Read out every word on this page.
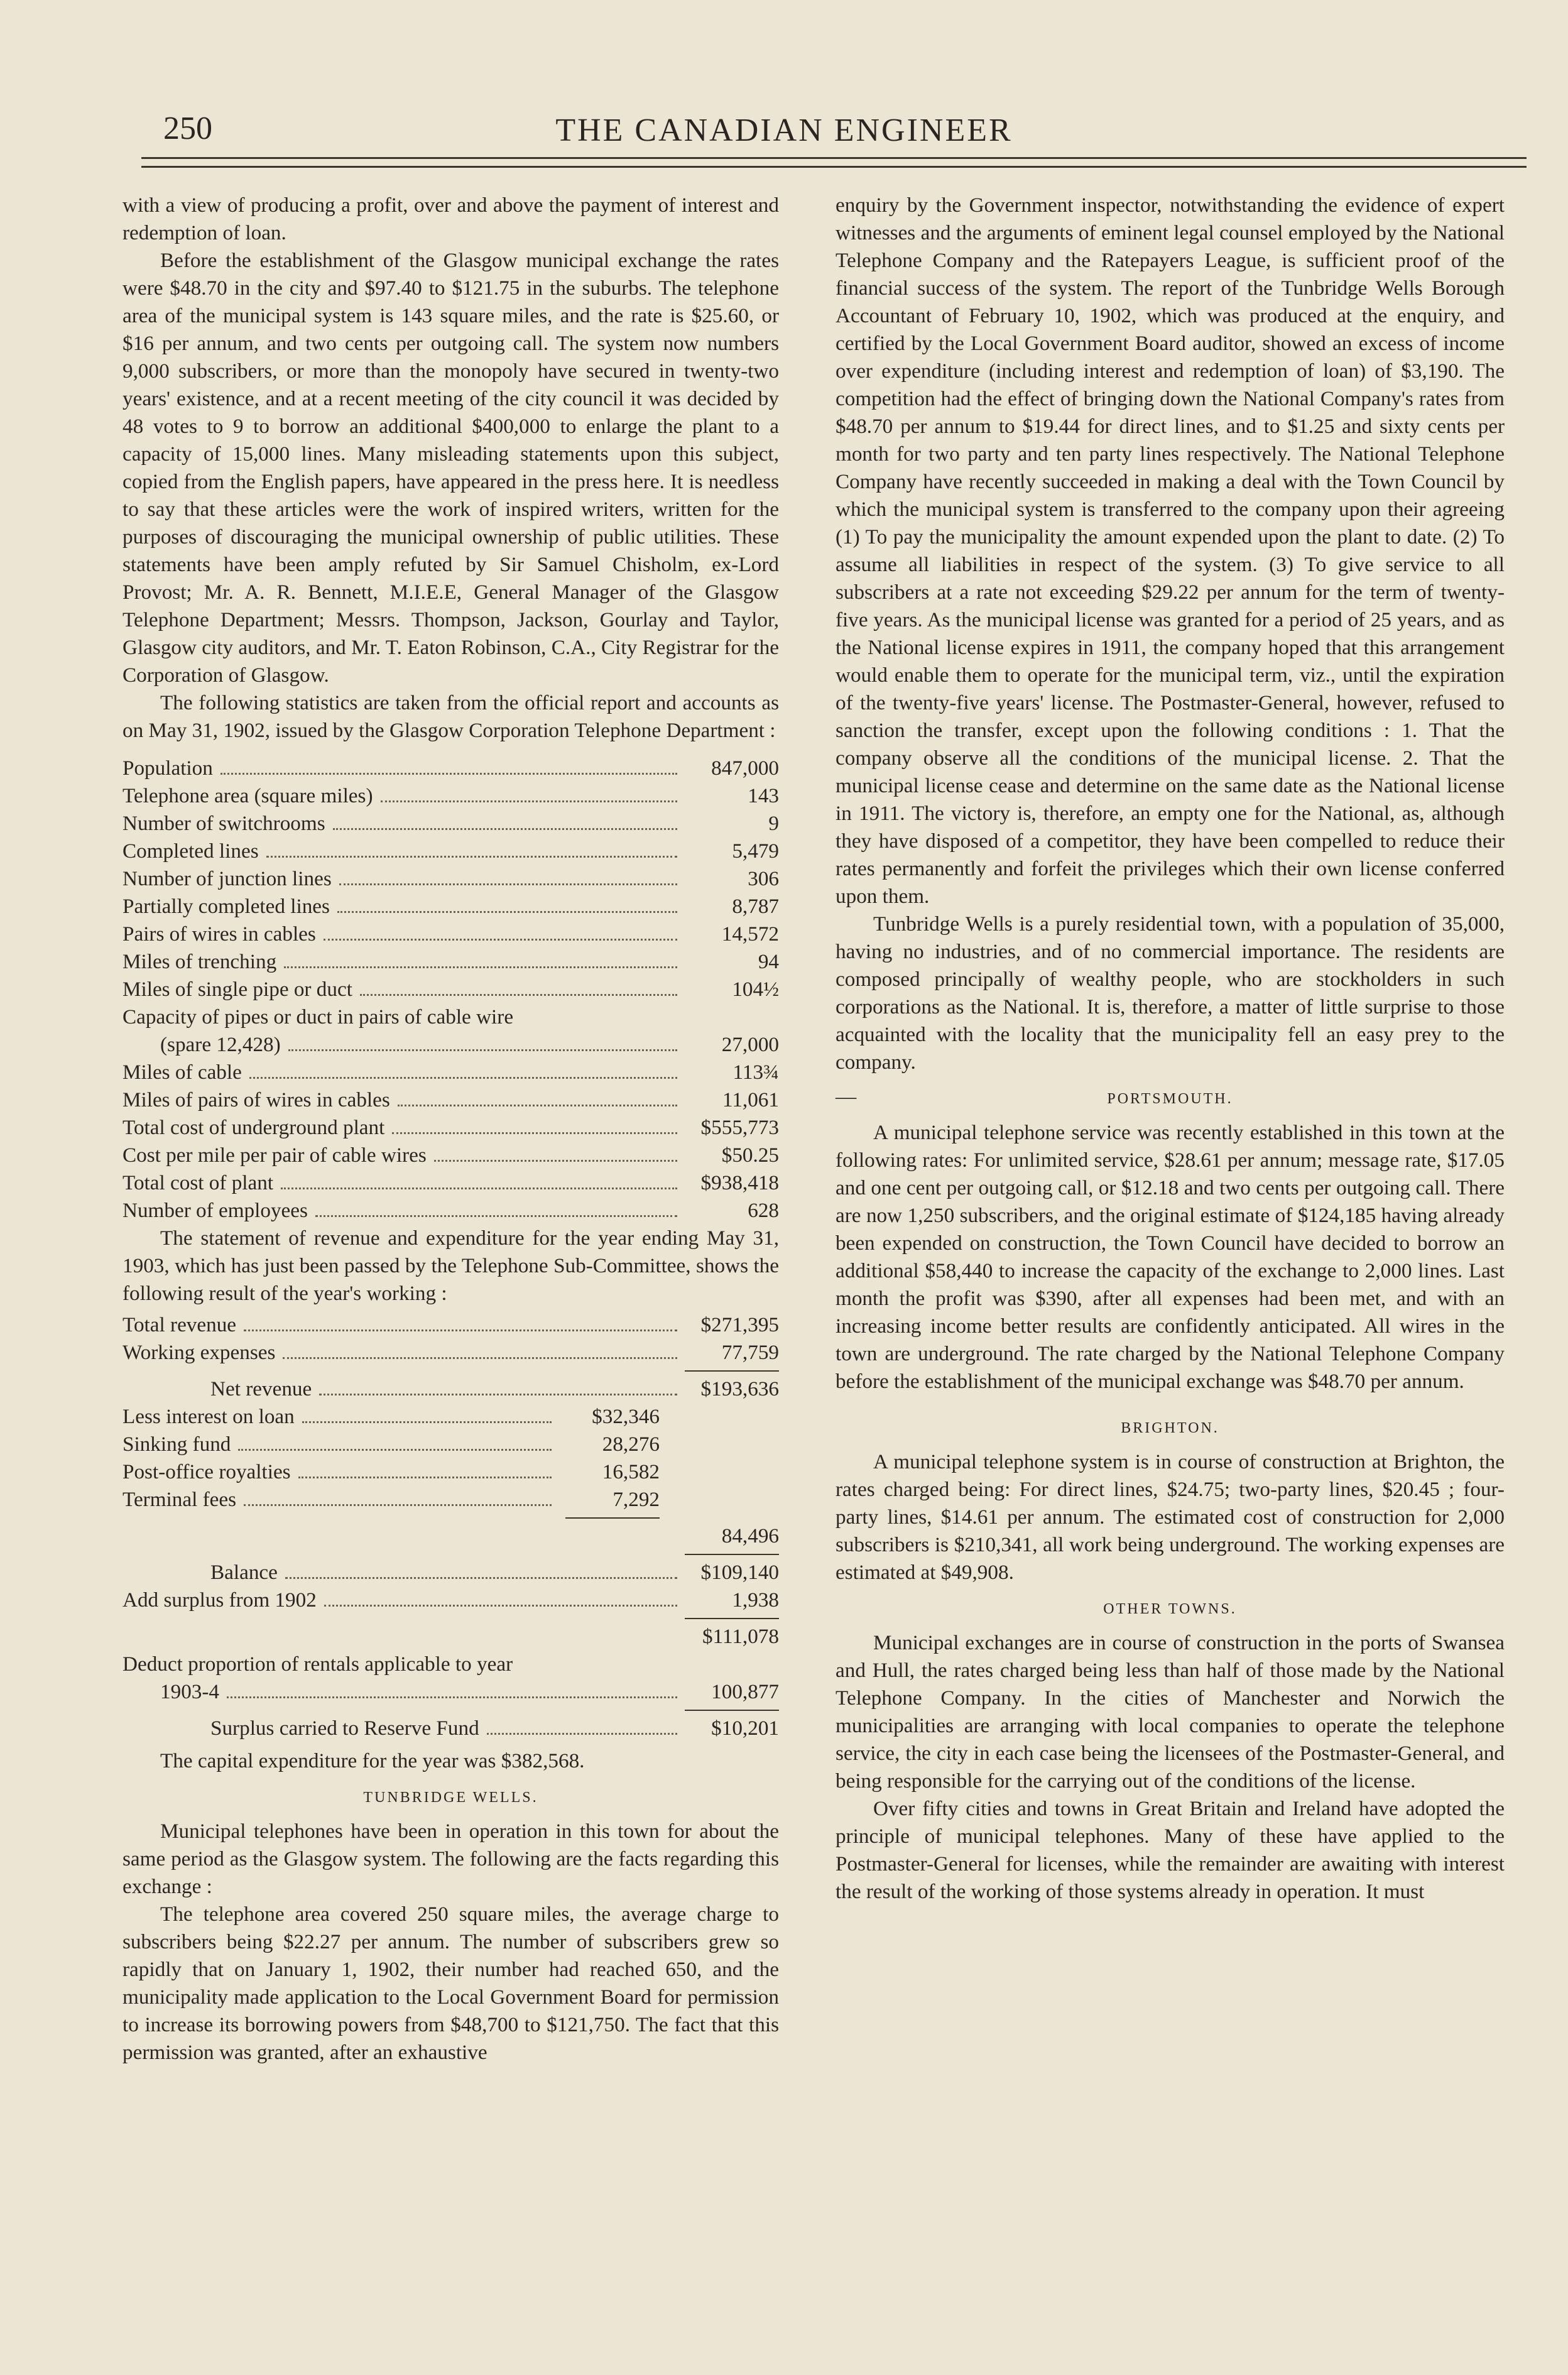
250	THE CANADIAN ENGINEER

with a view of producing a profit, over and above the payment of interest and redemption of loan.

Before the establishment of the Glasgow municipal exchange the rates were $48.70 in the city and $97.40 to $121.75 in the suburbs. The telephone area of the municipal system is 143 square miles, and the rate is $25.60, or $16 per annum, and two cents per outgoing call. The system now numbers 9,000 subscribers, or more than the monopoly have secured in twenty-two years' existence, and at a recent meeting of the city council it was decided by 48 votes to 9 to borrow an additional $400,000 to enlarge the plant to a capacity of 15,000 lines. Many misleading statements upon this subject, copied from the English papers, have appeared in the press here. It is needless to say that these articles were the work of inspired writers, written for the purposes of discouraging the municipal ownership of public utilities. These statements have been amply refuted by Sir Samuel Chisholm, ex-Lord Provost; Mr. A. R. Bennett, M.I.E.E, General Manager of the Glasgow Telephone Department; Messrs. Thompson, Jackson, Gourlay and Taylor, Glasgow city auditors, and Mr. T. Eaton Robinson, C.A., City Registrar for the Corporation of Glasgow.

The following statistics are taken from the official report and accounts as on May 31, 1902, issued by the Glasgow Corporation Telephone Department :

Population	847,000
Telephone area (square miles)	143
Number of switchrooms	9
Completed lines	5,479
Number of junction lines	306
Partially completed lines	8,787
Pairs of wires in cables	14,572
Miles of trenching	94
Miles of single pipe or duct	104½
Capacity of pipes or duct in pairs of cable wire
(spare 12,428)	27,000
Miles of cable	113¾
Miles of pairs of wires in cables	11,061
Total cost of underground plant	$555,773
Cost per mile per pair of cable wires	$50.25
Total cost of plant	$938,418
Number of employees	628

The statement of revenue and expenditure for the year ending May 31, 1903, which has just been passed by the Telephone Sub-Committee, shows the following result of the year's working :

Total revenue	$271,395
Working expenses	77,759
Net revenue	$193,636
Less interest on loan	$32,346
Sinking fund	28,276
Post-office royalties	16,582
Terminal fees	7,292
84,496
Balance	$109,140
Add surplus from 1902	1,938
$111,078
Deduct proportion of rentals applicable to year
1903-4	100,877
Surplus carried to Reserve Fund	$10,201

The capital expenditure for the year was $382,568.

TUNBRIDGE WELLS.

Municipal telephones have been in operation in this town for about the same period as the Glasgow system. The following are the facts regarding this exchange :

The telephone area covered 250 square miles, the average charge to subscribers being $22.27 per annum. The number of subscribers grew so rapidly that on January 1, 1902, their number had reached 650, and the municipality made application to the Local Government Board for permission to increase its borrowing powers from $48,700 to $121,750. The fact that this permission was granted, after an exhaustive

enquiry by the Government inspector, notwithstanding the evidence of expert witnesses and the arguments of eminent legal counsel employed by the National Telephone Company and the Ratepayers League, is sufficient proof of the financial success of the system. The report of the Tunbridge Wells Borough Accountant of February 10, 1902, which was produced at the enquiry, and certified by the Local Government Board auditor, showed an excess of income over expenditure (including interest and redemption of loan) of $3,190. The competition had the effect of bringing down the National Company's rates from $48.70 per annum to $19.44 for direct lines, and to $1.25 and sixty cents per month for two party and ten party lines respectively. The National Telephone Company have recently succeeded in making a deal with the Town Council by which the municipal system is transferred to the company upon their agreeing (1) To pay the municipality the amount expended upon the plant to date. (2) To assume all liabilities in respect of the system. (3) To give service to all subscribers at a rate not exceeding $29.22 per annum for the term of twenty-five years. As the municipal license was granted for a period of 25 years, and as the National license expires in 1911, the company hoped that this arrangement would enable them to operate for the municipal term, viz., until the expiration of the twenty-five years' license. The Postmaster-General, however, refused to sanction the transfer, except upon the following conditions : 1. That the company observe all the conditions of the municipal license. 2. That the municipal license cease and determine on the same date as the National license in 1911. The victory is, therefore, an empty one for the National, as, although they have disposed of a competitor, they have been compelled to reduce their rates permanently and forfeit the privileges which their own license conferred upon them.

Tunbridge Wells is a purely residential town, with a population of 35,000, having no industries, and of no commercial importance. The residents are composed principally of wealthy people, who are stockholders in such corporations as the National. It is, therefore, a matter of little surprise to those acquainted with the locality that the municipality fell an easy prey to the company.

—	PORTSMOUTH.

A municipal telephone service was recently established in this town at the following rates: For unlimited service, $28.61 per annum; message rate, $17.05 and one cent per outgoing call, or $12.18 and two cents per outgoing call. There are now 1,250 subscribers, and the original estimate of $124,185 having already been expended on construction, the Town Council have decided to borrow an additional $58,440 to increase the capacity of the exchange to 2,000 lines. Last month the profit was $390, after all expenses had been met, and with an increasing income better results are confidently anticipated. All wires in the town are underground. The rate charged by the National Telephone Company before the establishment of the municipal exchange was $48.70 per annum.

BRIGHTON.

A municipal telephone system is in course of construction at Brighton, the rates charged being: For direct lines, $24.75; two-party lines, $20.45 ; four-party lines, $14.61 per annum. The estimated cost of construction for 2,000 subscribers is $210,341, all work being underground. The working expenses are estimated at $49,908.

OTHER TOWNS.

Municipal exchanges are in course of construction in the ports of Swansea and Hull, the rates charged being less than half of those made by the National Telephone Company. In the cities of Manchester and Norwich the municipalities are arranging with local companies to operate the telephone service, the city in each case being the licensees of the Postmaster-General, and being responsible for the carrying out of the conditions of the license.

Over fifty cities and towns in Great Britain and Ireland have adopted the principle of municipal telephones. Many of these have applied to the Postmaster-General for licenses, while the remainder are awaiting with interest the result of the working of those systems already in operation. It must
